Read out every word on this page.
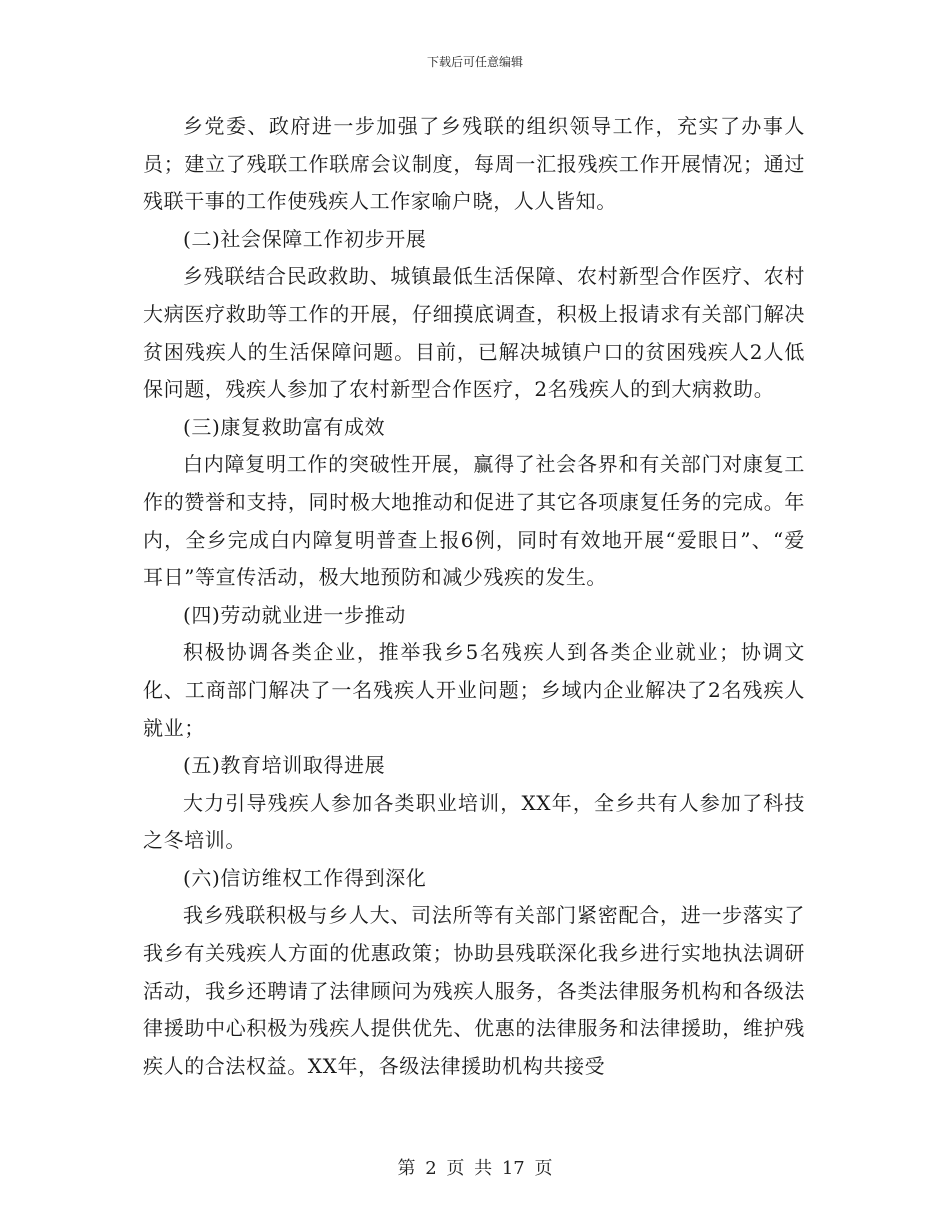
下载后可任意编辑

乡党委、政府进一步加强了乡残联的组织领导工作，充实了办事人员；建立了残联工作联席会议制度，每周一汇报残疾工作开展情况；通过残联干事的工作使残疾人工作家喻户晓，人人皆知。

(二)社会保障工作初步开展

乡残联结合民政救助、城镇最低生活保障、农村新型合作医疗、农村大病医疗救助等工作的开展，仔细摸底调查，积极上报请求有关部门解决贫困残疾人的生活保障问题。目前，已解决城镇户口的贫困残疾人2人低保问题，残疾人参加了农村新型合作医疗，2名残疾人的到大病救助。

(三)康复救助富有成效

白内障复明工作的突破性开展，赢得了社会各界和有关部门对康复工作的赞誉和支持，同时极大地推动和促进了其它各项康复任务的完成。年内，全乡完成白内障复明普查上报6例，同时有效地开展“爱眼日”、“爱耳日”等宣传活动，极大地预防和减少残疾的发生。

(四)劳动就业进一步推动

积极协调各类企业，推举我乡5名残疾人到各类企业就业；协调文化、工商部门解决了一名残疾人开业问题；乡域内企业解决了2名残疾人就业；

(五)教育培训取得进展

大力引导残疾人参加各类职业培训，XX年，全乡共有人参加了科技之冬培训。

(六)信访维权工作得到深化

我乡残联积极与乡人大、司法所等有关部门紧密配合，进一步落实了我乡有关残疾人方面的优惠政策；协助县残联深化我乡进行实地执法调研活动，我乡还聘请了法律顾问为残疾人服务，各类法律服务机构和各级法律援助中心积极为残疾人提供优先、优惠的法律服务和法律援助，维护残疾人的合法权益。XX年，各级法律援助机构共接受

第 2 页 共 17 页
